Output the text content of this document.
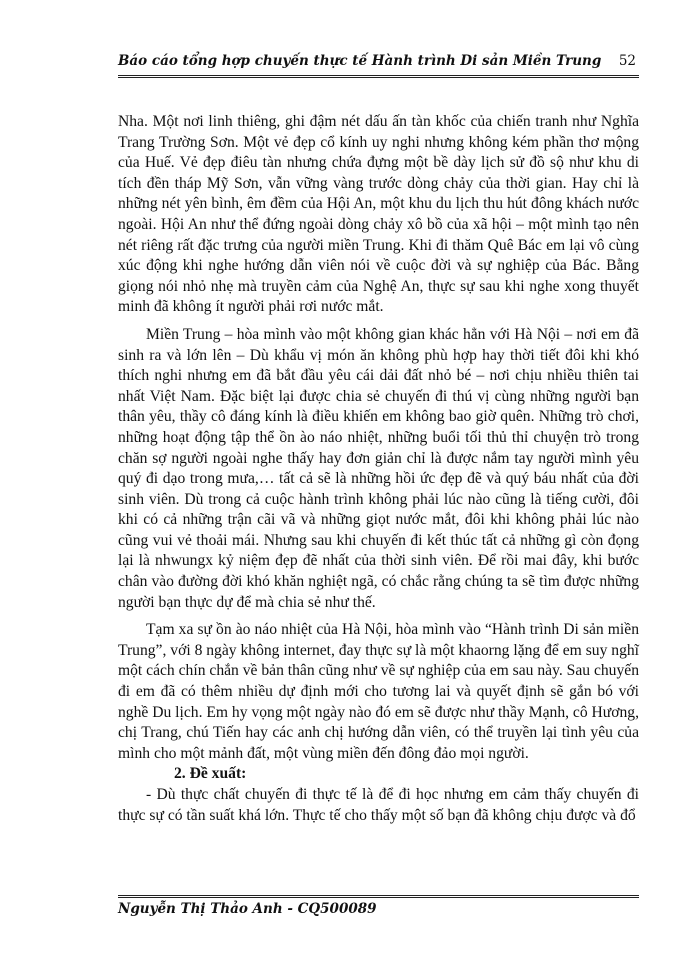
Báo cáo tổng hợp chuyến thực tế Hành trình Di sản Miền Trung 52

Nha. Một nơi linh thiêng, ghi đậm nét dấu ấn tàn khốc của chiến tranh như Nghĩa Trang Trường Sơn. Một vẻ đẹp cổ kính uy nghi nhưng không kém phần thơ mộng của Huế. Vẻ đẹp điêu tàn nhưng chứa đựng một bề dày lịch sử đồ sộ như khu di tích đền tháp Mỹ Sơn, vẫn vững vàng trước dòng chảy của thời gian. Hay chỉ là những nét yên bình, êm đềm của Hội An, một khu du lịch thu hút đông khách nước ngoài. Hội An như thể đứng ngoài dòng chảy xô bồ của xã hội – một mình tạo nên nét riêng rất đặc trưng của người miền Trung. Khi đi thăm Quê Bác em lại vô cùng xúc động khi nghe hướng dẫn viên nói về cuộc đời và sự nghiệp của Bác. Bằng giọng nói nhỏ nhẹ mà truyền cảm của Nghệ An, thực sự sau khi nghe xong thuyết minh đã không ít người phải rơi nước mắt.

Miền Trung – hòa mình vào một không gian khác hẳn với Hà Nội – nơi em đã sinh ra và lớn lên – Dù khẩu vị món ăn không phù hợp hay thời tiết đôi khi khó thích nghi nhưng em đã bắt đầu yêu cái dải đất nhỏ bé – nơi chịu nhiều thiên tai nhất Việt Nam. Đặc biệt lại được chia sẻ chuyến đi thú vị cùng những người bạn thân yêu, thầy cô đáng kính là điều khiến em không bao giờ quên. Những trò chơi, những hoạt động tập thể ồn ào náo nhiệt, những buổi tối thủ thỉ chuyện trò trong chăn sợ người ngoài nghe thấy hay đơn giản chỉ là được nắm tay người mình yêu quý đi dạo trong mưa,… tất cả sẽ là những hồi ức đẹp đẽ và quý báu nhất của đời sinh viên. Dù trong cả cuộc hành trình không phải lúc nào cũng là tiếng cười, đôi khi có cả những trận cãi vã và những giọt nước mắt, đôi khi không phải lúc nào cũng vui vẻ thoải mái. Nhưng sau khi chuyến đi kết thúc tất cả những gì còn đọng lại là nhwungx kỷ niệm đẹp đẽ nhất của thời sinh viên. Để rồi mai đây, khi bước chân vào đường đời khó khăn nghiệt ngã, có chắc rằng chúng ta sẽ tìm được những người bạn thực dự để mà chia sẻ như thế.

Tạm xa sự ồn ào náo nhiệt của Hà Nội, hòa mình vào “Hành trình Di sản miền Trung”, với 8 ngày không internet, đay thực sự là một khaorng lặng để em suy nghĩ một cách chín chắn về bản thân cũng như về sự nghiệp của em sau này. Sau chuyến đi em đã có thêm nhiều dự định mới cho tương lai và quyết định sẽ gắn bó với nghề Du lịch. Em hy vọng một ngày nào đó em sẽ được như thầy Mạnh, cô Hương, chị Trang, chú Tiến hay các anh chị hướng dẫn viên, có thể truyền lại tình yêu của mình cho một mảnh đất, một vùng miền đến đông đảo mọi người.

2. Đề xuất:

- Dù thực chất chuyến đi thực tế là để đi học nhưng em cảm thấy chuyến đi thực sự có tần suất khá lớn. Thực tế cho thấy một số bạn đã không chịu được và đổ

Nguyễn Thị Thảo Anh - CQ500089
